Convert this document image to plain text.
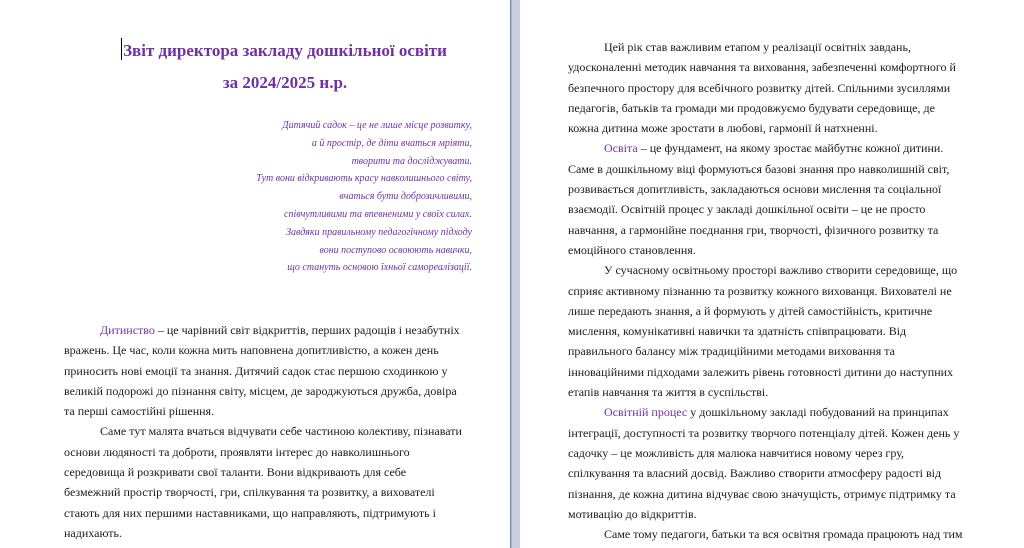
Звіт директора закладу дошкільної освіти
за 2024/2025 н.р.
Дитячий садок – це не лише місце розвитку,
а й простір, де діти вчаться мріяти,
творити та досліджувати.
Тут вони відкривають красу навколишнього світу,
вчаться бути доброзичливими,
співчутливими та впевненими у своїх силах.
Завдяки правильному педагогічному підходу
вони поступово освоюють навички,
що стануть основою їхньої самореалізації.
Дитинство – це чарівний світ відкриттів, перших радощів і незабутніх
вражень. Це час, коли кожна мить наповнена допитливістю, а кожен день
приносить нові емоції та знання. Дитячий садок стає першою сходинкою у
великій подорожі до пізнання світу, місцем, де зароджуються дружба, довіра
та перші самостійні рішення.
Саме тут малята вчаться відчувати себе частиною колективу, пізнавати
основи людяності та доброти, проявляти інтерес до навколишнього
середовища й розкривати свої таланти. Вони відкривають для себе
безмежний простір творчості, гри, спілкування та розвитку, а вихователі
стають для них першими наставниками, що направляють, підтримують і
надихають.
Цей рік став важливим етапом у реалізації освітніх завдань,
удосконаленні методик навчання та виховання, забезпеченні комфортного й
безпечного простору для всебічного розвитку дітей. Спільними зусиллями
педагогів, батьків та громади ми продовжуємо будувати середовище, де
кожна дитина може зростати в любові, гармонії й натхненні.
Освіта – це фундамент, на якому зростає майбутнє кожної дитини.
Саме в дошкільному віці формуються базові знання про навколишній світ,
розвивається допитливість, закладаються основи мислення та соціальної
взаємодії. Освітній процес у закладі дошкільної освіти – це не просто
навчання, а гармонійне поєднання гри, творчості, фізичного розвитку та
емоційного становлення.
У сучасному освітньому просторі важливо створити середовище, що
сприяє активному пізнанню та розвитку кожного вихованця. Вихователі не
лише передають знання, а й формують у дітей самостійність, критичне
мислення, комунікативні навички та здатність співпрацювати. Від
правильного балансу між традиційними методами виховання та
інноваційними підходами залежить рівень готовності дитини до наступних
етапів навчання та життя в суспільстві.
Освітній процес у дошкільному закладі побудований на принципах
інтеграції, доступності та розвитку творчого потенціалу дітей. Кожен день у
садочку – це можливість для малюка навчитися новому через гру,
спілкування та власний досвід. Важливо створити атмосферу радості від
пізнання, де кожна дитина відчуває свою значущість, отримує підтримку та
мотивацію до відкриттів.
Саме тому педагоги, батьки та вся освітня громада працюють над тим
